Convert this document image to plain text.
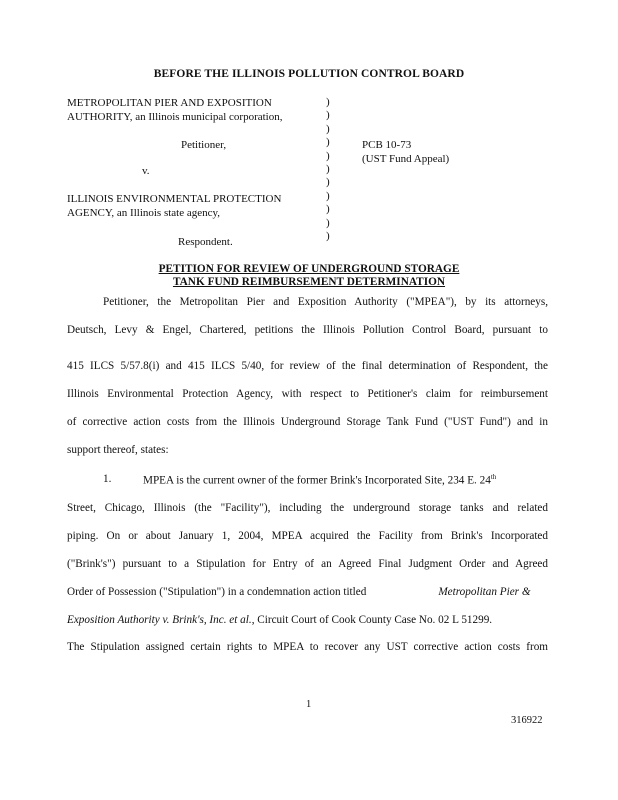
BEFORE THE ILLINOIS POLLUTION CONTROL BOARD
METROPOLITAN PIER AND EXPOSITION
AUTHORITY, an Illinois municipal corporation,
Petitioner,
v.
ILLINOIS ENVIRONMENTAL PROTECTION
AGENCY, an Illinois state agency,
Respondent.
)
)
)
)
)
)
)
)
)
)
)
PCB 10-73
(UST Fund Appeal)
PETITION FOR REVIEW OF UNDERGROUND STORAGE
TANK FUND REIMBURSEMENT DETERMINATION
Petitioner, the Metropolitan Pier and Exposition Authority ("MPEA"), by its attorneys,
Deutsch, Levy & Engel, Chartered, petitions the Illinois Pollution Control Board, pursuant to
415 ILCS 5/57.8(i) and 415 ILCS 5/40, for review of the final determination of Respondent, the
Illinois Environmental Protection Agency, with respect to Petitioner's claim for reimbursement
of corrective action costs from the Illinois Underground Storage Tank Fund ("UST Fund") and in
support thereof, states:
1.	MPEA is the current owner of the former Brink's Incorporated Site, 234 E. 24th
Street, Chicago, Illinois (the "Facility"), including the underground storage tanks and related
piping. On or about January 1, 2004, MPEA acquired the Facility from Brink's Incorporated
("Brink's") pursuant to a Stipulation for Entry of an Agreed Final Judgment Order and Agreed
Order of Possession ("Stipulation") in a condemnation action titled	Metropolitan Pier &
Exposition Authority v. Brink's, Inc. et al., Circuit Court of Cook County Case No. 02 L 51299.
The Stipulation assigned certain rights to MPEA to recover any UST corrective action costs from
1
316922
